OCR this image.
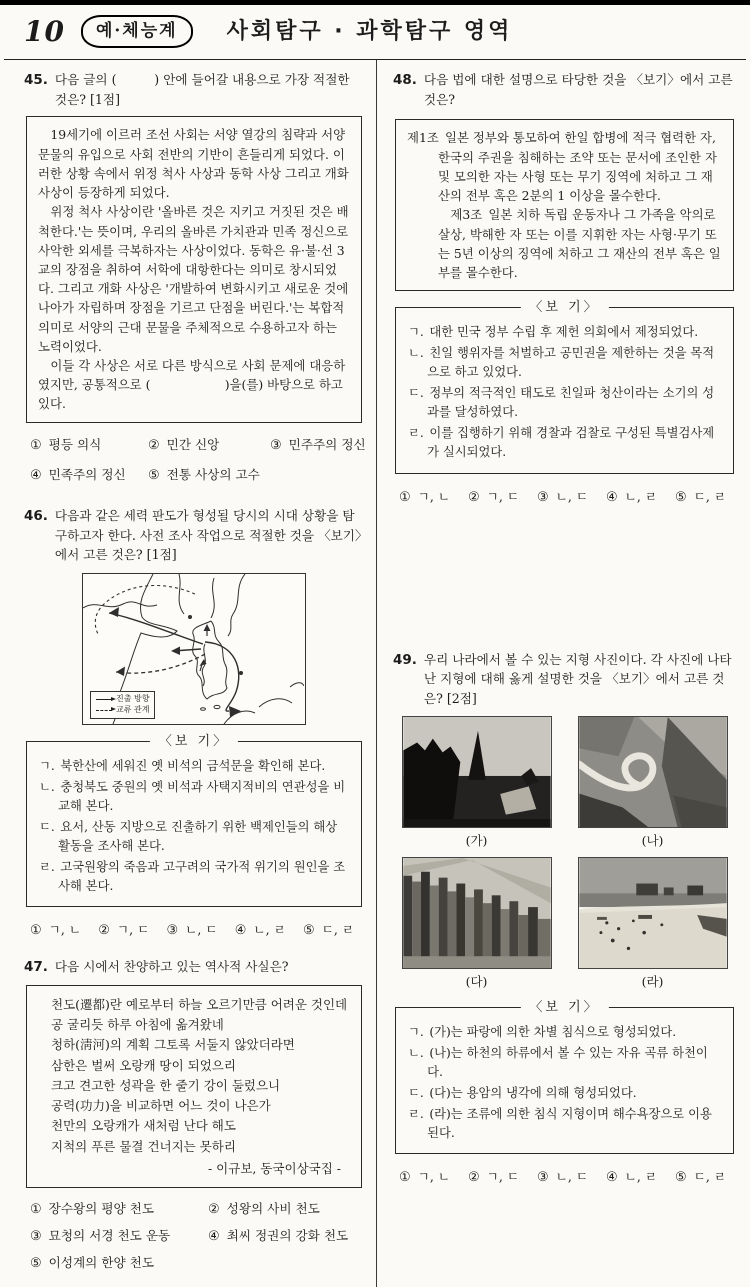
10	예·체능계	사회탐구 · 과학탐구 영역
45. 다음 글의 (　　　) 안에 들어갈 내용으로 가장 적절한 것은? [1점]

19세기에 이르러 조선 사회는 서양 열강의 침략과 서양 문물의 유입으로 사회 전반의 기반이 흔들리게 되었다. 이러한 상황 속에서 위정 척사 사상과 동학 사상 그리고 개화 사상이 등장하게 되었다.

위정 척사 사상이란 '올바른 것은 지키고 거짓된 것은 배척한다.'는 뜻이며, 우리의 올바른 가치관과 민족 정신으로 사악한 외세를 극복하자는 사상이었다. 동학은 유·불·선 3교의 장점을 취하여 서학에 대항한다는 의미로 창시되었다. 그리고 개화 사상은 '개발하여 변화시키고 새로운 것에 나아가 자립하며 장점을 기르고 단점을 버린다.'는 복합적 의미로 서양의 근대 문물을 주체적으로 수용하고자 하는 노력이었다.

이들 각 사상은 서로 다른 방식으로 사회 문제에 대응하였지만, 공통적으로 (　　　　　　)을(를) 바탕으로 하고 있다.

① 평등 의식	② 민간 신앙	③ 민주주의 정신
④ 민족주의 정신	⑤ 전통 사상의 고수
46. 다음과 같은 세력 판도가 형성될 당시의 시대 상황을 탐구하고자 한다. 사전 조사 작업으로 적절한 것을 〈보기〉에서 고른 것은? [1점]
진출 방향
교류 관계
〈보 기〉
ㄱ. 북한산에 세워진 옛 비석의 금석문을 확인해 본다.
ㄴ. 충청북도 중원의 옛 비석과 사택지적비의 연관성을 비교해 본다.
ㄷ. 요서, 산동 지방으로 진출하기 위한 백제인들의 해상 활동을 조사해 본다.
ㄹ. 고국원왕의 죽음과 고구려의 국가적 위기의 원인을 조사해 본다.
① ㄱ, ㄴ ② ㄱ, ㄷ ③ ㄴ, ㄷ ④ ㄴ, ㄹ ⑤ ㄷ, ㄹ
47. 다음 시에서 찬양하고 있는 역사적 사실은?

천도(遷都)란 예로부터 하늘 오르기만큼 어려운 것인데

공 굴리듯 하루 아침에 옮겨왔네

청하(淸河)의 계획 그토록 서둘지 않았더라면

삼한은 벌써 오랑캐 땅이 되었으리

크고 견고한 성곽을 한 줄기 강이 둘렀으니

공력(功力)을 비교하면 어느 것이 나은가

천만의 오랑캐가 새처럼 난다 해도

지척의 푸른 물결 건너지는 못하리

- 이규보, 동국이상국집 -

① 장수왕의 평양 천도	② 성왕의 사비 천도
③ 묘청의 서경 천도 운동	④ 최씨 정권의 강화 천도
⑤ 이성계의 한양 천도
48. 다음 법에 대한 설명으로 타당한 것을 〈보기〉에서 고른 것은?

제1조 일본 정부와 통모하여 한일 합병에 적극 협력한 자, 한국의 주권을 침해하는 조약 또는 문서에 조인한 자 및 모의한 자는 사형 또는 무기 징역에 처하고 그 재산의 전부 혹은 2분의 1 이상을 몰수한다.

제3조 일본 치하 독립 운동자나 그 가족을 악의로 살상, 박해한 자 또는 이를 지휘한 자는 사형·무기 또는 5년 이상의 징역에 처하고 그 재산의 전부 혹은 일부를 몰수한다.

〈보 기〉
ㄱ. 대한 민국 정부 수립 후 제헌 의회에서 제정되었다.
ㄴ. 친일 행위자를 처벌하고 공민권을 제한하는 것을 목적으로 하고 있었다.
ㄷ. 정부의 적극적인 태도로 친일파 청산이라는 소기의 성과를 달성하였다.
ㄹ. 이를 집행하기 위해 경찰과 검찰로 구성된 특별검사제가 실시되었다.
① ㄱ, ㄴ ② ㄱ, ㄷ ③ ㄴ, ㄷ ④ ㄴ, ㄹ ⑤ ㄷ, ㄹ
49. 우리 나라에서 볼 수 있는 지형 사진이다. 각 사진에 나타난 지형에 대해 옳게 설명한 것을 〈보기〉에서 고른 것은? [2점]
(가)	(나)
(다)	(라)
〈보 기〉
ㄱ. (가)는 파랑에 의한 차별 침식으로 형성되었다.
ㄴ. (나)는 하천의 하류에서 볼 수 있는 자유 곡류 하천이다.
ㄷ. (다)는 용암의 냉각에 의해 형성되었다.
ㄹ. (라)는 조류에 의한 침식 지형이며 해수욕장으로 이용된다.
① ㄱ, ㄴ ② ㄱ, ㄷ ③ ㄴ, ㄷ ④ ㄴ, ㄹ ⑤ ㄷ, ㄹ
